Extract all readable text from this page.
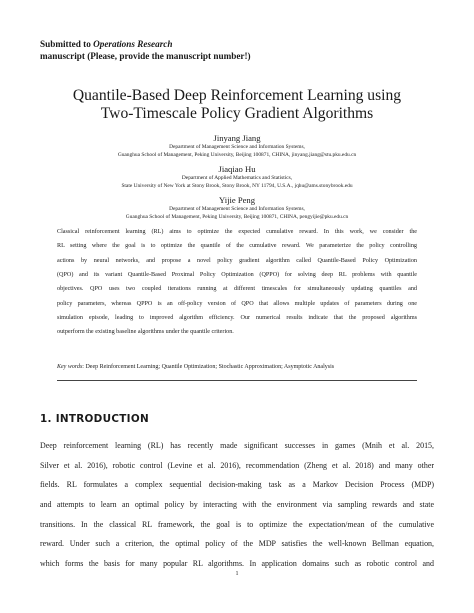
Submitted to Operations Research
manuscript (Please, provide the manuscript number!)
Quantile-Based Deep Reinforcement Learning using
Two-Timescale Policy Gradient Algorithms
Jinyang Jiang
Department of Management Science and Information Systems,
Guanghua School of Management, Peking University, Beijing 100871, CHINA, jinyang.jiang@stu.pku.edu.cn
Jiaqiao Hu
Department of Applied Mathematics and Statistics,
State University of New York at Stony Brook, Stony Brook, NY 11794, U.S.A., jqhu@ams.stonybrook.edu
Yijie Peng
Department of Management Science and Information Systems,
Guanghua School of Management, Peking University, Beijing 100871, CHINA, pengyijie@pku.edu.cn
Classical reinforcement learning (RL) aims to optimize the expected cumulative reward. In this work, we consider the
RL setting where the goal is to optimize the quantile of the cumulative reward. We parameterize the policy controlling
actions by neural networks, and propose a novel policy gradient algorithm called Quantile-Based Policy Optimization
(QPO) and its variant Quantile-Based Proximal Policy Optimization (QPPO) for solving deep RL problems with quantile
objectives. QPO uses two coupled iterations running at different timescales for simultaneously updating quantiles and
policy parameters, whereas QPPO is an off-policy version of QPO that allows multiple updates of parameters during one
simulation episode, leading to improved algorithm efficiency. Our numerical results indicate that the proposed algorithms
outperform the existing baseline algorithms under the quantile criterion.
Key words: Deep Reinforcement Learning; Quantile Optimization; Stochastic Approximation; Asymptotic Analysis
1. INTRODUCTION
Deep reinforcement learning (RL) has recently made significant successes in games (Mnih et al. 2015,
Silver et al. 2016), robotic control (Levine et al. 2016), recommendation (Zheng et al. 2018) and many other
fields. RL formulates a complex sequential decision-making task as a Markov Decision Process (MDP)
and attempts to learn an optimal policy by interacting with the environment via sampling rewards and state
transitions. In the classical RL framework, the goal is to optimize the expectation/mean of the cumulative
reward. Under such a criterion, the optimal policy of the MDP satisfies the well-known Bellman equation,
which forms the basis for many popular RL algorithms. In application domains such as robotic control and
1
